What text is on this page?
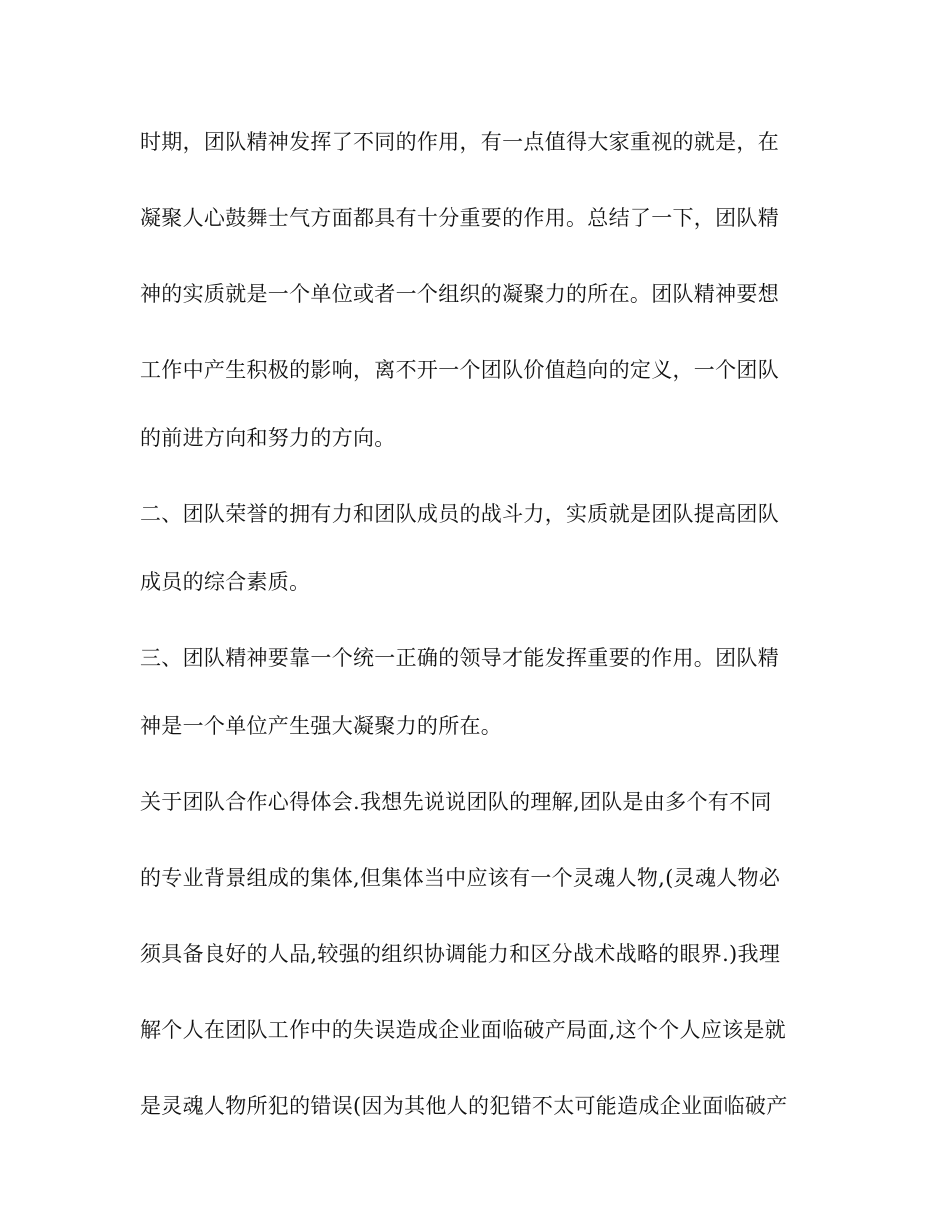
时期，团队精神发挥了不同的作用，有一点值得大家重视的就是，在

凝聚人心鼓舞士气方面都具有十分重要的作用。总结了一下，团队精

神的实质就是一个单位或者一个组织的凝聚力的所在。团队精神要想

工作中产生积极的影响，离不开一个团队价值趋向的定义，一个团队

的前进方向和努力的方向。

二、团队荣誉的拥有力和团队成员的战斗力，实质就是团队提高团队

成员的综合素质。

三、团队精神要靠一个统一正确的领导才能发挥重要的作用。团队精

神是一个单位产生强大凝聚力的所在。

关于团队合作心得体会.我想先说说团队的理解,团队是由多个有不同

的专业背景组成的集体,但集体当中应该有一个灵魂人物,(灵魂人物必

须具备良好的人品,较强的组织协调能力和区分战术战略的眼界.)我理

解个人在团队工作中的失误造成企业面临破产局面,这个个人应该是就

是灵魂人物所犯的错误(因为其他人的犯错不太可能造成企业面临破产
